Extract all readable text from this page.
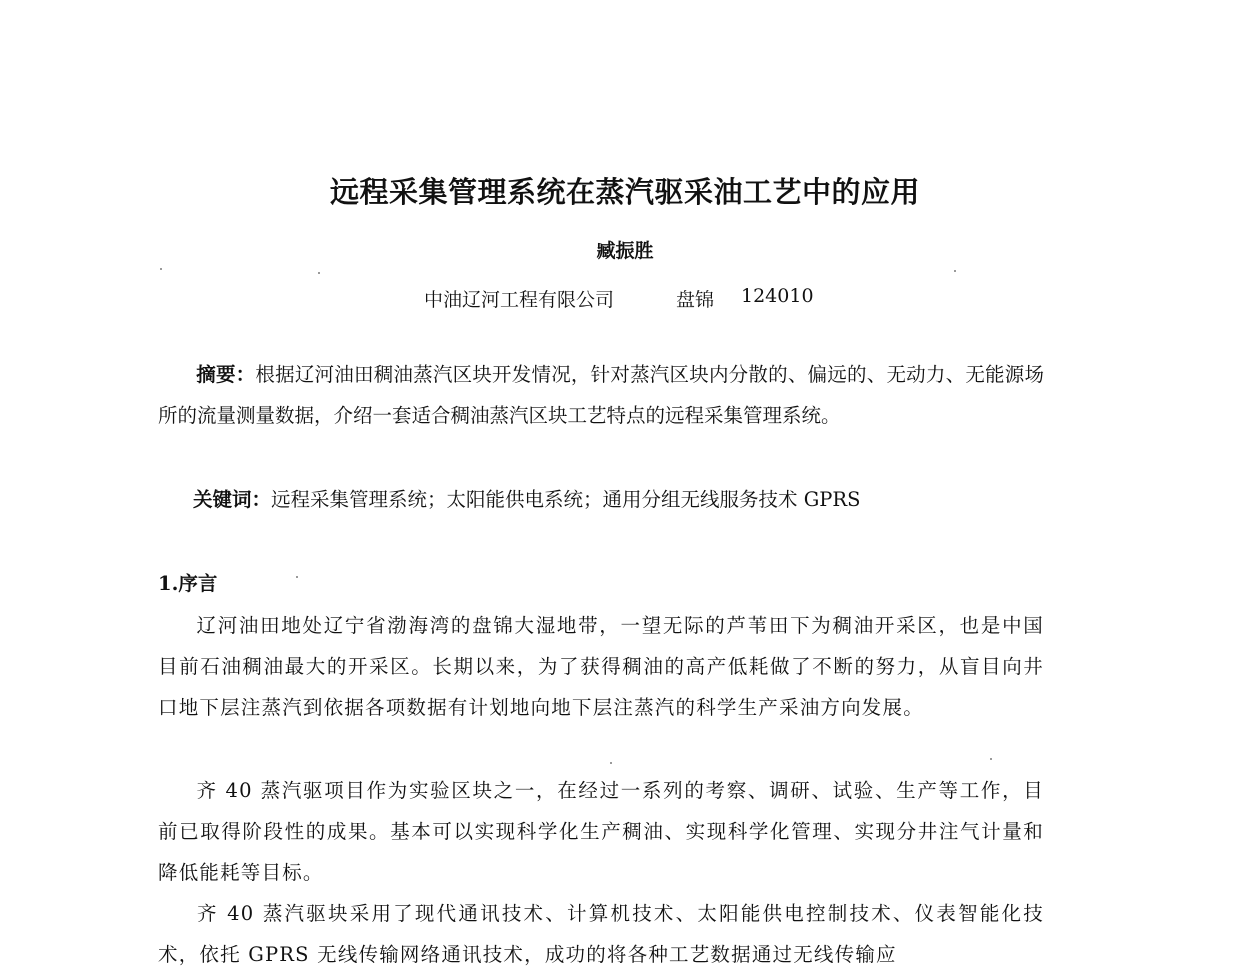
远程采集管理系统在蒸汽驱采油工艺中的应用
臧振胜
中油辽河工程有限公司	盘锦 124010
摘要：根据辽河油田稠油蒸汽区块开发情况，针对蒸汽区块内分散的、偏远的、无动力、无能源场所的流量测量数据，介绍一套适合稠油蒸汽区块工艺特点的远程采集管理系统。
关键词：远程采集管理系统；太阳能供电系统；通用分组无线服务技术 GPRS
1.序言
辽河油田地处辽宁省渤海湾的盘锦大湿地带，一望无际的芦苇田下为稠油开采区，也是中国目前石油稠油最大的开采区。长期以来，为了获得稠油的高产低耗做了不断的努力，从盲目向井口地下层注蒸汽到依据各项数据有计划地向地下层注蒸汽的科学生产采油方向发展。
齐 40 蒸汽驱项目作为实验区块之一，在经过一系列的考察、调研、试验、生产等工作，目前已取得阶段性的成果。基本可以实现科学化生产稠油、实现科学化管理、实现分井注气计量和降低能耗等目标。
齐 40 蒸汽驱块采用了现代通讯技术、计算机技术、太阳能供电控制技术、仪表智能化技术，依托 GPRS 无线传输网络通讯技术，成功的将各种工艺数据通过无线传输应
